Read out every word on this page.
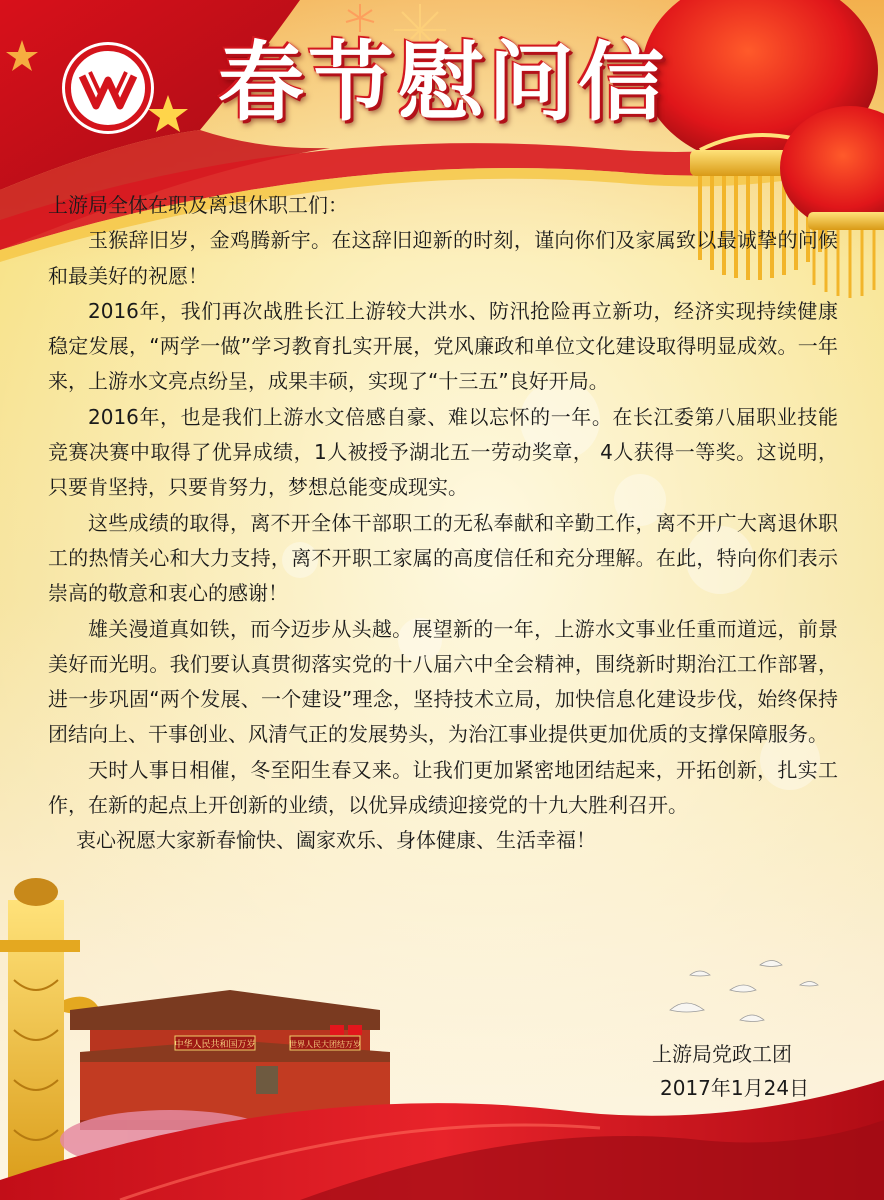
中华人民共和国万岁	世界人民大团结万岁
春节慰问信

上游局全体在职及离退休职工们：

玉猴辞旧岁，金鸡腾新宇。在这辞旧迎新的时刻，谨向你们及家属致以最诚挚的问候和最美好的祝愿！

2016年，我们再次战胜长江上游较大洪水、防汛抢险再立新功，经济实现持续健康稳定发展，“两学一做”学习教育扎实开展，党风廉政和单位文化建设取得明显成效。一年来，上游水文亮点纷呈，成果丰硕，实现了“十三五”良好开局。

2016年，也是我们上游水文倍感自豪、难以忘怀的一年。在长江委第八届职业技能竞赛决赛中取得了优异成绩，1人被授予湖北五一劳动奖章， 4人获得一等奖。这说明，只要肯坚持，只要肯努力，梦想总能变成现实。

这些成绩的取得，离不开全体干部职工的无私奉献和辛勤工作，离不开广大离退休职工的热情关心和大力支持，离不开职工家属的高度信任和充分理解。在此，特向你们表示崇高的敬意和衷心的感谢！

雄关漫道真如铁，而今迈步从头越。展望新的一年，上游水文事业任重而道远，前景美好而光明。我们要认真贯彻落实党的十八届六中全会精神，围绕新时期治江工作部署，进一步巩固“两个发展、一个建设”理念，坚持技术立局，加快信息化建设步伐，始终保持团结向上、干事创业、风清气正的发展势头，为治江事业提供更加优质的支撑保障服务。

天时人事日相催，冬至阳生春又来。让我们更加紧密地团结起来，开拓创新，扎实工作，在新的起点上开创新的业绩，以优异成绩迎接党的十九大胜利召开。

衷心祝愿大家新春愉快、阖家欢乐、身体健康、生活幸福！

上游局党政工团
2017年1月24日
